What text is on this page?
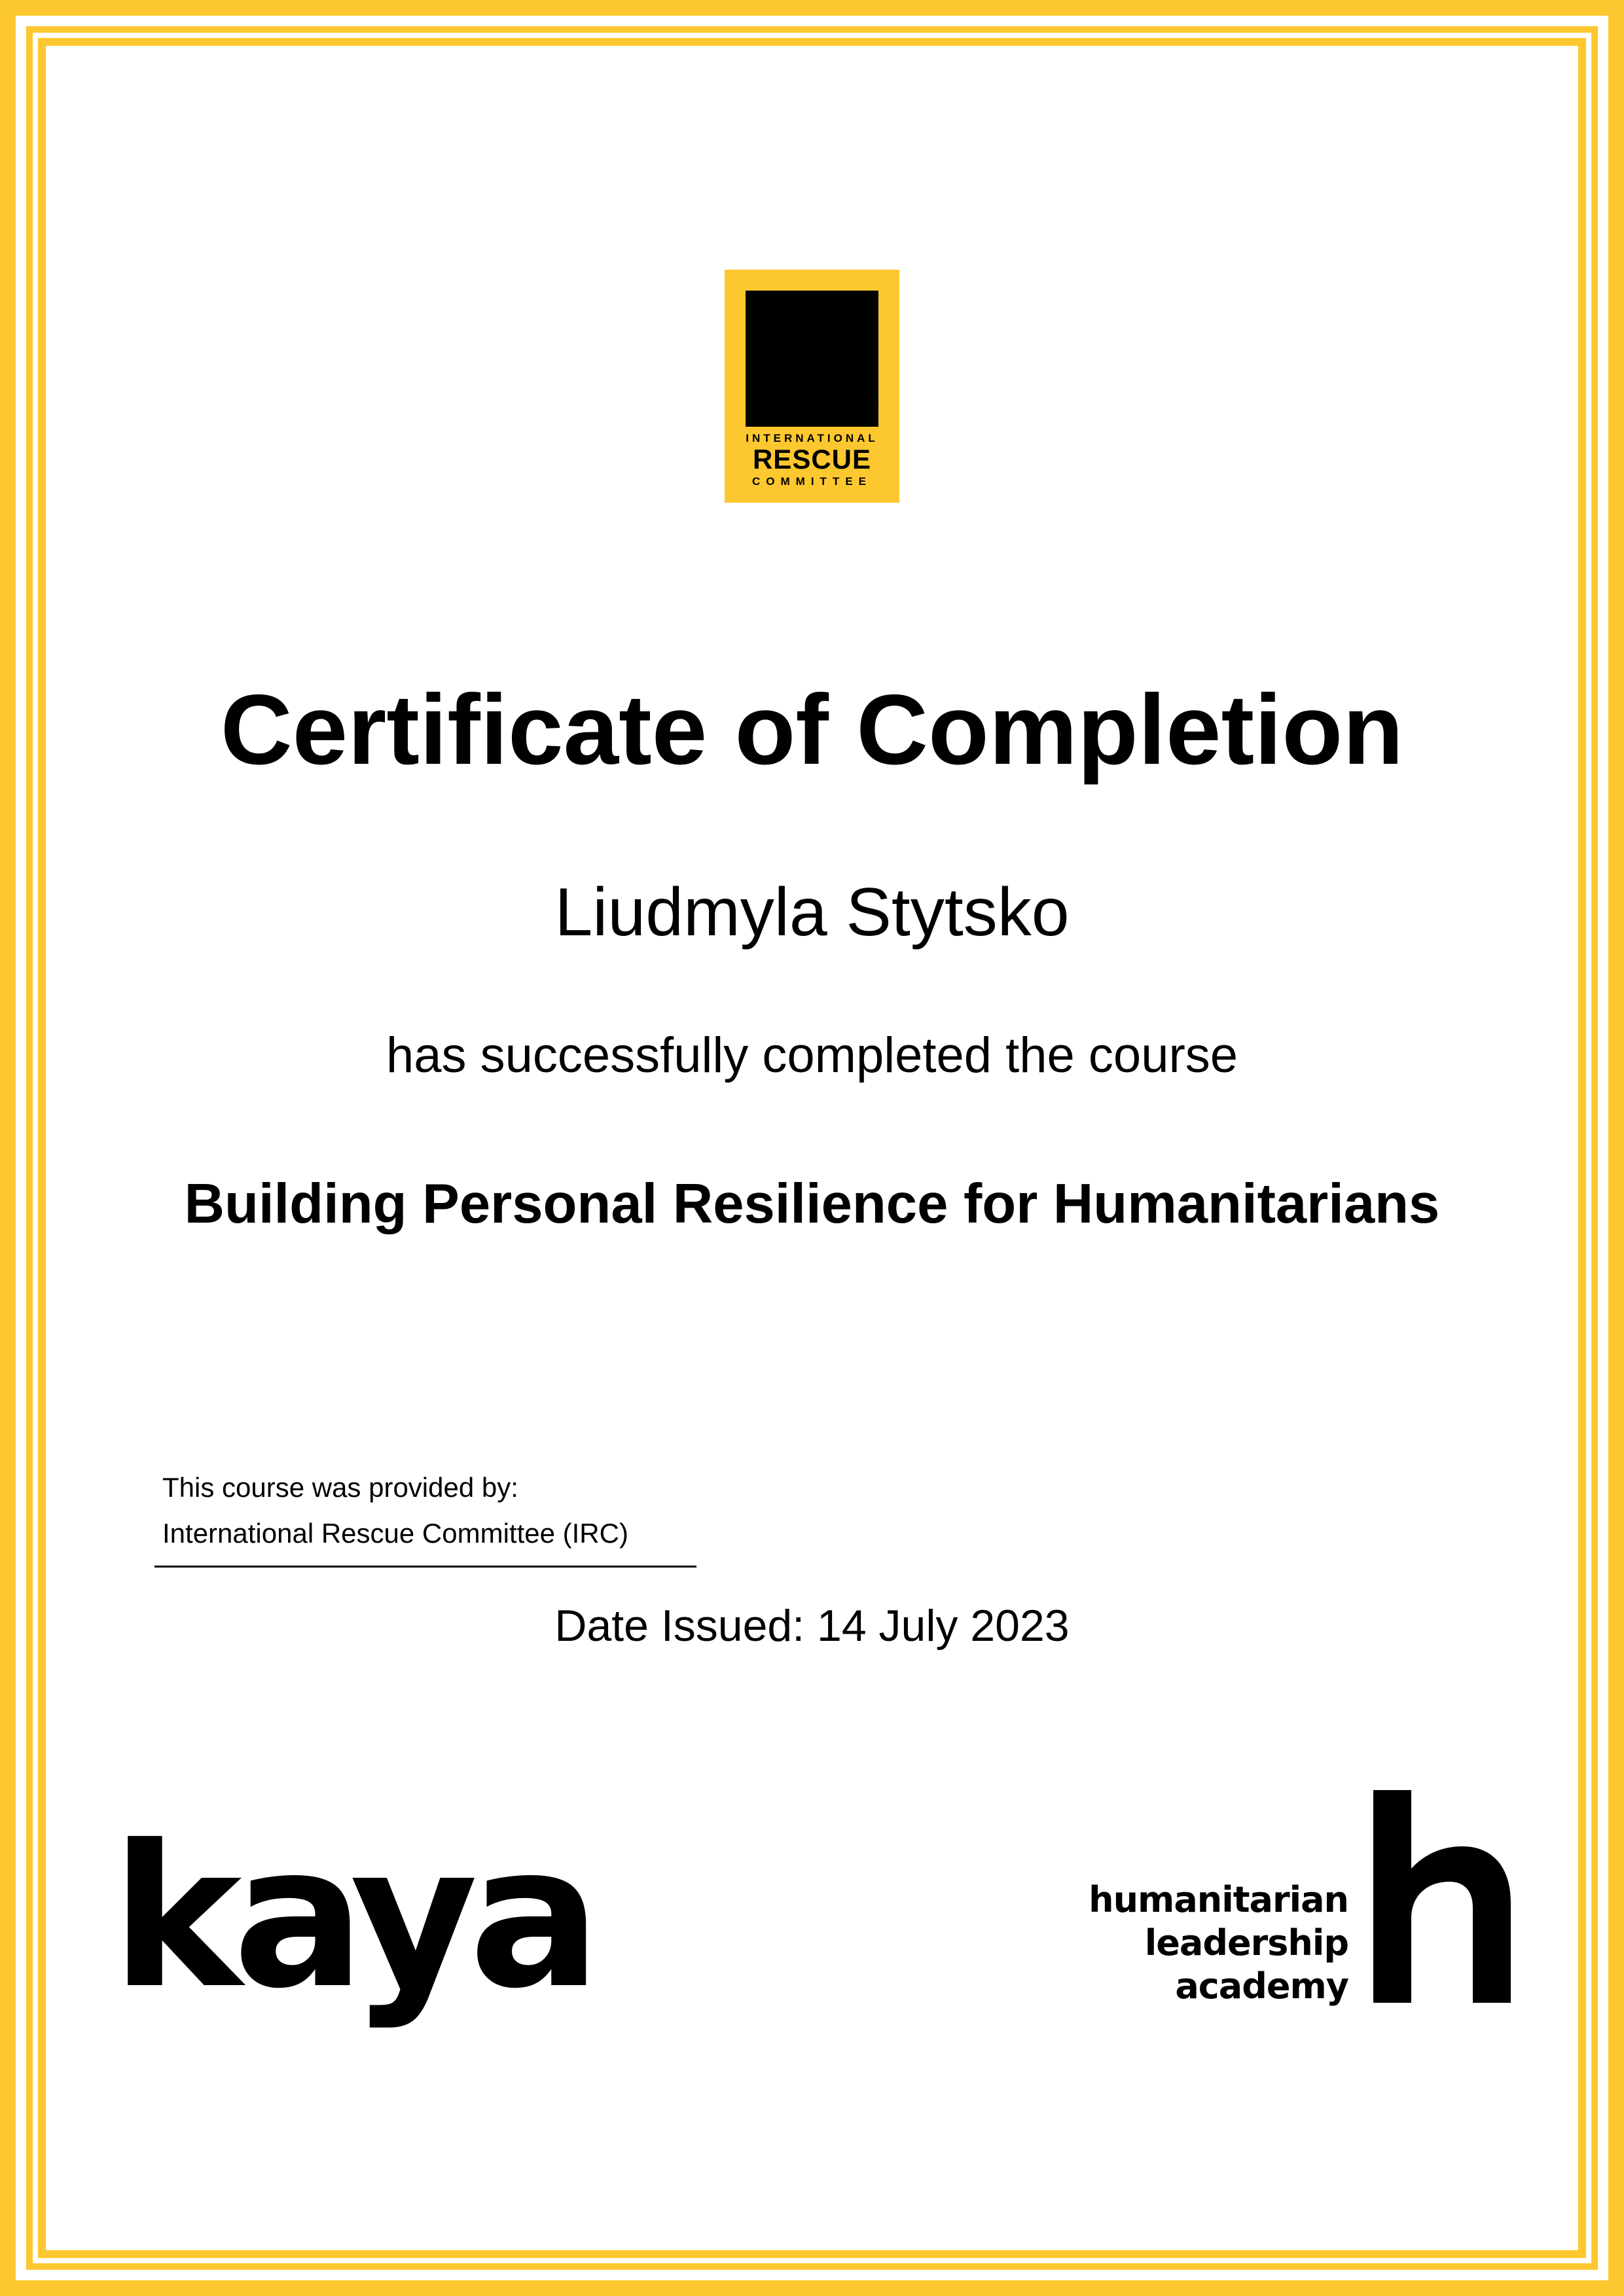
INTERNATIONAL
RESCUE
COMMITTEE
Certificate of Completion
Liudmyla Stytsko
has successfully completed the course
Building Personal Resilience for Humanitarians
This course was provided by:
International Rescue Committee (IRC)
Date Issued: 14 July 2023
kaya	humanitarian
leadership
academy
